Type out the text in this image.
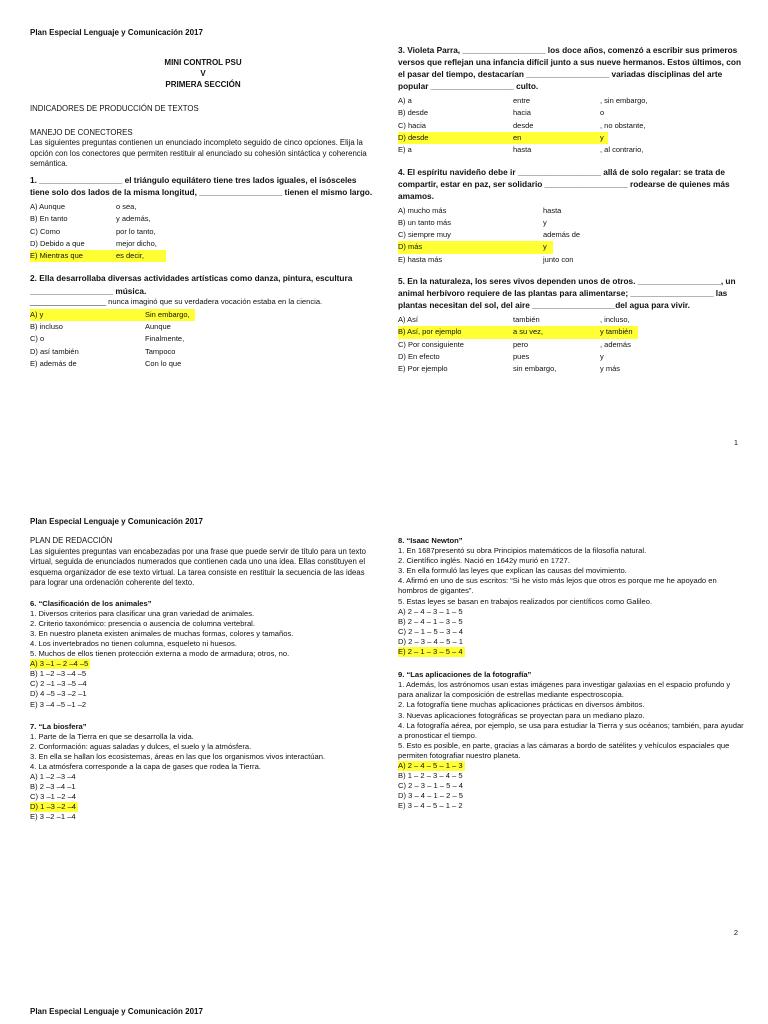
Plan Especial Lenguaje y Comunicación 2017
MINI CONTROL PSU
V
PRIMERA SECCIÓN
INDICADORES DE PRODUCCIÓN DE TEXTOS
MANEJO DE CONECTORES
Las siguientes preguntas contienen un enunciado incompleto seguido de cinco opciones. Elija la opción con los conectores que permiten restituir al enunciado su cohesión sintáctica y coherencia semántica.
1. __________________ el triángulo equilátero tiene tres lados iguales, el isósceles tiene solo dos lados de la misma longitud, __________________ tienen el mismo largo.
A) Aunque	o sea,
B) En tanto	y además,
C) Como	por lo tanto,
D) Debido a que	mejor dicho,
E) Mientras que	es decir,
2. Ella desarrollaba diversas actividades artísticas como danza, pintura, escultura __________________ música.
__________________ nunca imaginó que su verdadera vocación estaba en la ciencia.
A) y	Sin embargo,
B) incluso	Aunque
C) o	Finalmente,
D) así también	Tampoco
E) además de	Con lo que
3. Violeta Parra, __________________ los doce años, comenzó a escribir sus primeros versos que reflejan una infancia difícil junto a sus nueve hermanos. Estos últimos, con el pasar del tiempo, destacarían __________________ variadas disciplinas del arte popular __________________ culto.
A) a	entre	, sin embargo,
B) desde	hacia	o
C) hacia	desde	, no obstante,
D) desde	en	y
E) a	hasta	, al contrario,
4. El espíritu navideño debe ir __________________ allá de solo regalar: se trata de compartir, estar en paz, ser solidario __________________ rodearse de quienes más amamos.
A) mucho más	hasta
B) un tanto más	y
C) siempre muy	además de
D) más	y
E) hasta más	junto con
5. En la naturaleza, los seres vivos dependen unos de otros. __________________, un animal herbívoro requiere de las plantas para alimentarse; __________________ las plantas necesitan del sol, del aire __________________del agua para vivir.
A) Así	también	, incluso,
B) Así, por ejemplo	a su vez,	y también
C) Por consiguiente	pero	, además
D) En efecto	pues	y
E) Por ejemplo	sin embargo,	y más
1
Plan Especial Lenguaje y Comunicación 2017
PLAN DE REDACCIÓN
Las siguientes preguntas van encabezadas por una frase que puede servir de título para un texto virtual, seguida de enunciados numerados que contienen cada uno una idea. Ellas constituyen el esquema organizador de ese texto virtual. La tarea consiste en restituir la secuencia de las ideas para lograr una ordenación coherente del texto.
6. “Clasificación de los animales”
1. Diversos criterios para clasificar una gran variedad de animales.
2. Criterio taxonómico: presencia o ausencia de columna vertebral.
3. En nuestro planeta existen animales de muchas formas, colores y tamaños.
4. Los invertebrados no tienen columna, esqueleto ni huesos.
5. Muchos de ellos tienen protección externa a modo de armadura; otros, no.
A) 3 –1 – 2 –4 –5
B) 1 –2 –3 –4 –5
C) 2 –1 –3 –5 –4
D) 4 –5 –3 –2 –1
E) 3 –4 –5 –1 –2
7. “La biosfera”
1. Parte de la Tierra en que se desarrolla la vida.
2. Conformación: aguas saladas y dulces, el suelo y la atmósfera.
3. En ella se hallan los ecosistemas, áreas en las que los organismos vivos interactúan.
4. La atmósfera corresponde a la capa de gases que rodea la Tierra.
A) 1 –2 –3 –4
B) 2 –3 –4 –1
C) 3 –1 –2 –4
D) 1 –3 –2 –4
E) 3 –2 –1 –4
8. “Isaac Newton”
1. En 1687presentó su obra Principios matemáticos de la filosofía natural.
2. Científico inglés. Nació en 1642y murió en 1727.
3. En ella formuló las leyes que explican las causas del movimiento.
4. Afirmó en uno de sus escritos: “Si he visto más lejos que otros es porque me he apoyado en hombros de gigantes”.
5. Estas leyes se basan en trabajos realizados por científicos como Galileo.
A) 2 – 4 – 3 – 1 – 5
B) 2 – 4 – 1 – 3 – 5
C) 2 – 1 – 5 – 3 – 4
D) 2 – 3 – 4 – 5 – 1
E) 2 – 1 – 3 – 5 – 4
9. “Las aplicaciones de la fotografía”
1. Además, los astrónomos usan estas imágenes para investigar galaxias en el espacio profundo y para analizar la composición de estrellas mediante espectroscopia.
2. La fotografía tiene muchas aplicaciones prácticas en diversos ámbitos.
3. Nuevas aplicaciones fotográficas se proyectan para un mediano plazo.
4. La fotografía aérea, por ejemplo, se usa para estudiar la Tierra y sus océanos; también, para ayudar a pronosticar el tiempo.
5. Esto es posible, en parte, gracias a las cámaras a bordo de satélites y vehículos espaciales que permiten fotografiar nuestro planeta.
A) 2 – 4 – 5 – 1 – 3
B) 1 – 2 – 3 – 4 – 5
C) 2 – 3 – 1 – 5 – 4
D) 3 – 4 – 1 – 2 – 5
E) 3 – 4 – 5 – 1 – 2
2
Plan Especial Lenguaje y Comunicación 2017
